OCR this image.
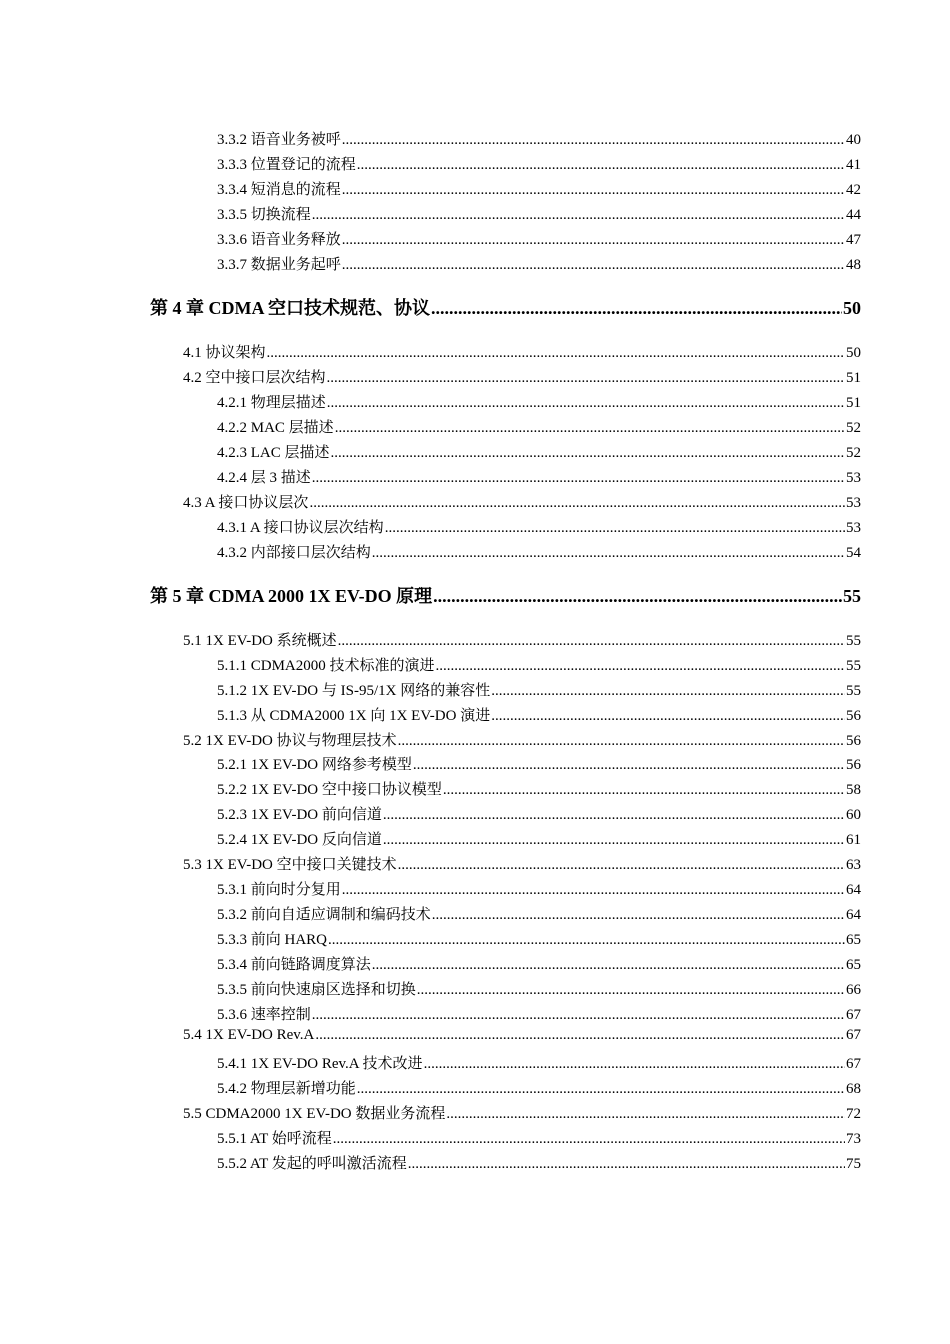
3.3.2 语音业务被呼 .....	40
3.3.3 位置登记的流程 .....	41
3.3.4 短消息的流程 .....	42
3.3.5 切换流程 .....	44
3.3.6 语音业务释放 .....	47
3.3.7 数据业务起呼 .....	48
第 4 章 CDMA 空口技术规范、协议 .....	50
4.1 协议架构 .....	50
4.2 空中接口层次结构 .....	51
4.2.1 物理层描述 .....	51
4.2.2 MAC 层描述 .....	52
4.2.3 LAC 层描述 .....	52
4.2.4 层 3 描述 .....	53
4.3 A 接口协议层次 .....	53
4.3.1 A 接口协议层次结构 .....	53
4.3.2 内部接口层次结构 .....	54
第 5 章 CDMA 2000 1X EV-DO 原理 .....	55
5.1 1X EV-DO 系统概述 .....	55
5.1.1 CDMA2000 技术标准的演进 .....	55
5.1.2 1X EV-DO 与 IS-95/1X 网络的兼容性 .....	55
5.1.3 从 CDMA2000 1X 向 1X EV-DO 演进 .....	56
5.2 1X EV-DO 协议与物理层技术 .....	56
5.2.1 1X EV-DO 网络参考模型 .....	56
5.2.2 1X EV-DO 空中接口协议模型 .....	58
5.2.3 1X EV-DO 前向信道 .....	60
5.2.4 1X EV-DO 反向信道 .....	61
5.3 1X EV-DO 空中接口关键技术 .....	63
5.3.1 前向时分复用 .....	64
5.3.2 前向自适应调制和编码技术 .....	64
5.3.3 前向 HARQ .....	65
5.3.4 前向链路调度算法 .....	65
5.3.5 前向快速扇区选择和切换 .....	66
5.3.6 速率控制 .....	67
5.4 1X EV-DO Rev.A .....	67
5.4.1 1X EV-DO Rev.A 技术改进 .....	67
5.4.2 物理层新增功能 .....	68
5.5 CDMA2000 1X EV-DO 数据业务流程 .....	72
5.5.1 AT 始呼流程 .....	73
5.5.2 AT 发起的呼叫激活流程 .....	75
